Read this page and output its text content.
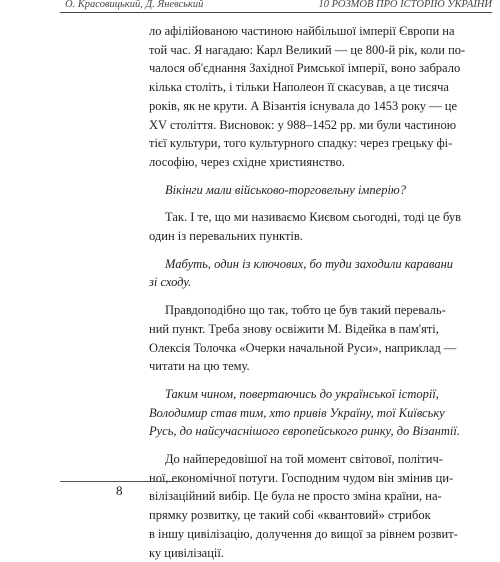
О. Красовицький, Д. Яневський	10 РОЗМОВ ПРО ІСТОРІЮ УКРАЇНИ
ло афілійованою частиною найбільшої імперії Європи на
той час. Я нагадаю: Карл Великий — це 800-й рік, коли по-
чалося об'єднання Західної Римської імперії, воно забрало
кілька століть, і тільки Наполеон її скасував, а це тисяча
років, як не крути. А Візантія існувала до 1453 року — це
XV століття. Висновок: у 988–1452 рр. ми були частиною
тієї культури, того культурного спадку: через грецьку фі-
лософію, через східне християнство.
Вікінги мали військово-торговельну імперію?
Так. І те, що ми називаємо Києвом сьогодні, тоді це був
один із перевальних пунктів.
Мабуть, один із ключових, бо туди заходили каравани
зі сходу.
Правдоподібно що так, тобто це був такий переваль-
ний пункт. Треба знову освіжити М. Відейка в пам'яті,
Олексія Толочка «Очерки начальной Руси», наприклад —
читати на цю тему.
Таким чином, повертаючись до української історії,
Володимир став тим, хто привів Україну, тої Київську
Русь, до найсучаснішого європейського ринку, до Візантії.
До найпередовішої на той момент світової, політич-
ної, економічної потуги. Господним чудом він змінив ци-
вілізаційний вибір. Це була не просто зміна країни, на-
прямку розвитку, це такий собі «квантовий» стрибок
в іншу цивілізацію, долучення до вищої за рівнем розвит-
ку цивілізації.
8
